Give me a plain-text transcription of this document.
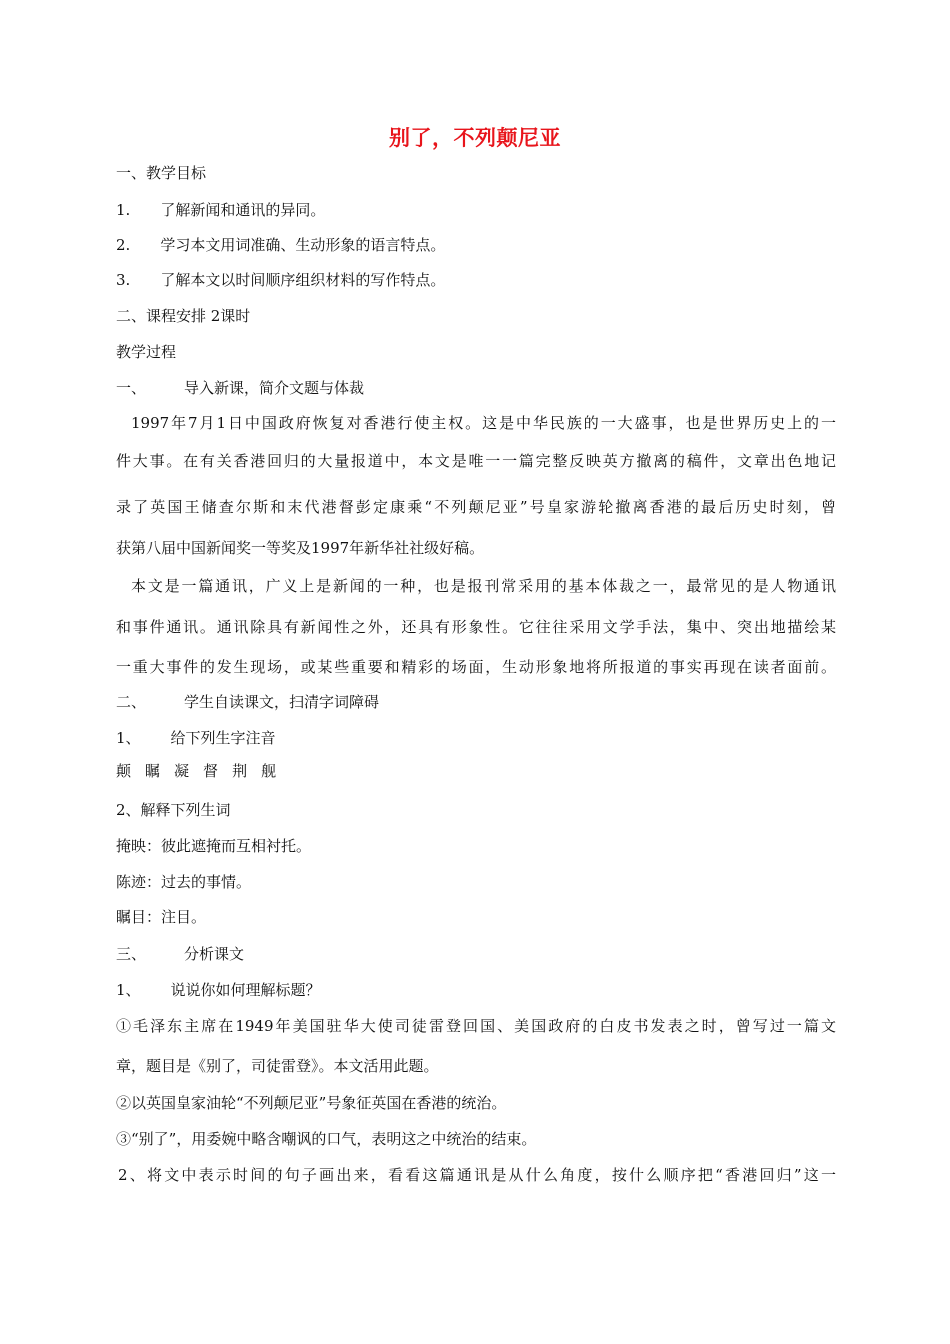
别了，不列颠尼亚
一、教学目标
1. 了解新闻和通讯的异同。
2. 学习本文用词准确、生动形象的语言特点。
3. 了解本文以时间顺序组织材料的写作特点。
二、课程安排 2课时
教学过程
一、	导入新课，简介文题与体裁
1997年7月1日中国政府恢复对香港行使主权。这是中华民族的一大盛事，也是世界历史上的一
件大事。在有关香港回归的大量报道中，本文是唯一一篇完整反映英方撤离的稿件，文章出色地记
录了英国王储查尔斯和末代港督彭定康乘“不列颠尼亚”号皇家游轮撤离香港的最后历史时刻，曾
获第八届中国新闻奖一等奖及1997年新华社社级好稿。
本文是一篇通讯，广义上是新闻的一种，也是报刊常采用的基本体裁之一，最常见的是人物通讯
和事件通讯。通讯除具有新闻性之外，还具有形象性。它往往采用文学手法，集中、突出地描绘某
一重大事件的发生现场，或某些重要和精彩的场面，生动形象地将所报道的事实再现在读者面前。
二、	学生自读课文，扫清字词障碍
1、 给下列生字注音
颠 瞩 凝 督 荆 舰
2、解释下列生词
掩映：彼此遮掩而互相衬托。
陈迹：过去的事情。
瞩目：注目。
三、	分析课文
1、 说说你如何理解标题？
①毛泽东主席在1949年美国驻华大使司徒雷登回国、美国政府的白皮书发表之时，曾写过一篇文
章，题目是《别了，司徒雷登》。本文活用此题。
②以英国皇家油轮“不列颠尼亚”号象征英国在香港的统治。
③“别了”，用委婉中略含嘲讽的口气，表明这之中统治的结束。
2、将文中表示时间的句子画出来，看看这篇通讯是从什么角度，按什么顺序把“香港回归”这一
